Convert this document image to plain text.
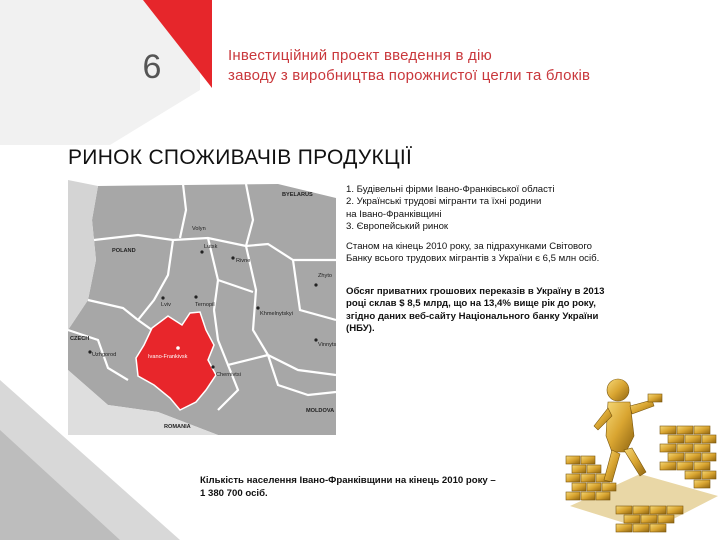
6	Інвестиційний проект введення в дію
заводу з виробництва порожнистої цегли та блоків
РИНОК СПОЖИВАЧІВ ПРОДУКЦІЇ
BYELARUS
Volyn
Lutsk
Rivne
POLAND
Zhyto
Lviv	Ternopil
Khmelnytskyi
Vinnyts
CZECH
Uzhgorod	Ivano-Frankivsk
Chernivtsi
MOLDOVA
ROMANIA
1. Будівельні фірми Івано-Франківської області
2. Українські трудові мігранти та їхні родини
на Івано-Франківщині
3. Європейський ринок
Станом на кінець 2010 року, за підрахунками Світового
Банку всього трудових мігрантів з України є 6,5 млн осіб.
Обсяг приватних грошових переказів в Україну в 2013
році склав $ 8,5 млрд, що на 13,4% вище рік до року,
згідно даних веб-сайту Національного банку України
(НБУ).
Кількість населення Івано-Франківщини на кінець 2010 року –
1 380 700 осіб.
